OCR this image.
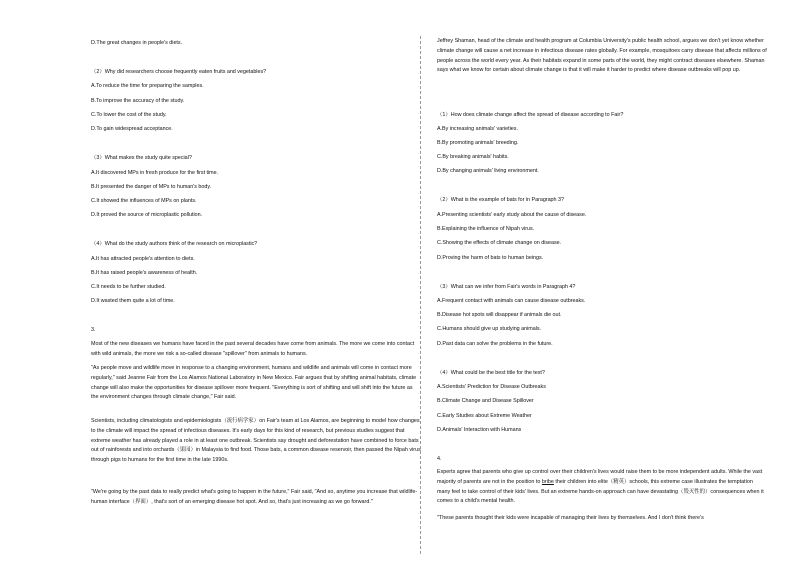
D.The great changes in people's diets.
（2）Why did researchers choose frequently eaten fruits and vegetables?
A.To reduce the time for preparing the samples.
B.To improve the accuracy of the study.
C.To lower the cost of the study.
D.To gain widespread acceptance.
（3）What makes the study quite special?
A.It discovered MPs in fresh produce for the first time.
B.It presented the danger of MPs to human's body.
C.It showed the influences of MPs on plants.
D.It proved the source of microplastic pollution.
（4）What do the study authors think of the research on microplastic?
A.It has attracted people's attention to diets.
B.It has raised people's awareness of health.
C.It needs to be further studied.
D.It wasted them quite a lot of time.
3.
Most of the new diseases we humans have faced in the past several decades have come from animals. The more we come into contact with wild animals, the more we risk a so-called disease "spillover" from animals to humans.
"As people move and wildlife move in response to a changing environment, humans and wildlife and animals will come in contact more regularly," said Jeanne Fair from the Los Alamos National Laboratory in New Mexico. Fair argues that by shifting animal habitats, climate change will also make the opportunities for disease spillover more frequent. "Everything is sort of shifting and will shift into the future as the environment changes through climate change," Fair said.
Scientists, including climatologists and epidemiologists（流行病学家）on Fair's team at Los Alamos, are beginning to model how changes to the climate will impact the spread of infectious diseases. It's early days for this kind of research, but previous studies suggest that extreme weather has already played a role in at least one outbreak. Scientists say drought and deforestation have combined to force bats out of rainforests and into orchards（果园）in Malaysia to find food. Those bats, a common disease reservoir, then passed the Nipah virus through pigs to humans for the first time in the late 1990s.
"We're going by the past data to really predict what's going to happen in the future," Fair said, "And so, anytime you increase that wildlife-human interface（界面）, that's sort of an emerging disease hot spot. And so, that's just increasing as we go forward."
Jeffrey Shaman, head of the climate and health program at Columbia University's public health school, argues we don't yet know whether climate change will cause a net increase in infectious disease rates globally. For example, mosquitoes carry disease that affects millions of people across the world every year. As their habitats expand in some parts of the world, they might contract diseases elsewhere. Shaman says what we know for certain about climate change is that it will make it harder to predict where disease outbreaks will pop up.
（1）How does climate change affect the spread of disease according to Fair?
A.By increasing animals' varieties.
B.By promoting animals' breeding.
C.By breaking animals' habits.
D.By changing animals' living environment.
（2）What is the example of bats for in Paragraph 3?
A.Presenting scientists' early study about the cause of disease.
B.Explaining the influence of Nipah virus.
C.Showing the effects of climate change on disease.
D.Proving the harm of bats to human beings.
（3）What can we infer from Fair's words in Paragraph 4?
A.Frequent contact with animals can cause disease outbreaks.
B.Disease hot spots will disappear if animals die out.
C.Humans should give up studying animals.
D.Past data can solve the problems in the future.
（4）What could be the best title for the text?
A.Scientists' Prediction for Disease Outbreaks
B.Climate Change and Disease Spillover
C.Early Studies about Extreme Weather
D.Animals' Interaction with Humans
4.
Experts agree that parents who give up control over their children's lives would raise them to be more independent adults. While the vast majority of parents are not in the position to bribe their children into elite（精英）schools, this extreme case illustrates the temptation many feel to take control of their kids' lives. But an extreme hands-on approach can have devastating（毁灭性的）consequences when it comes to a child's mental health.
"These parents thought their kids were incapable of managing their lives by themselves. And I don't think there's
